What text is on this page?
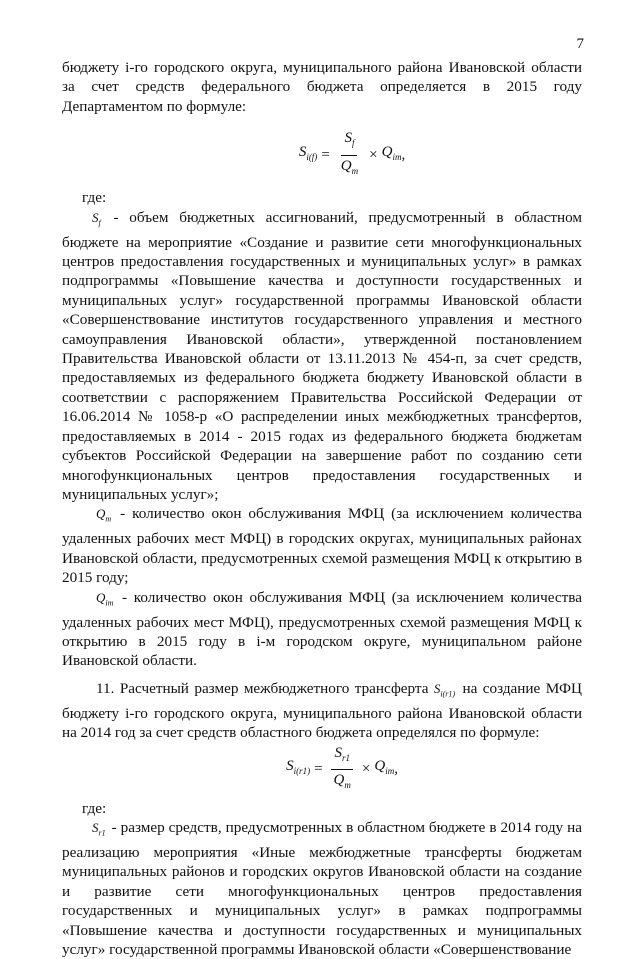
7

бюджету i-го городского округа, муниципального района Ивановской области за счет средств федерального бюджета определяется в 2015 году Департаментом по формуле:

$S_{i(f)} = \frac{S_f}{Q_m} \times Q_{im}$ ,

где:

$S_f$ - объем бюджетных ассигнований, предусмотренный в областном бюджете на мероприятие «Создание и развитие сети многофункциональных центров предоставления государственных и муниципальных услуг» в рамках подпрограммы «Повышение качества и доступности государственных и муниципальных услуг» государственной программы Ивановской области «Совершенствование институтов государственного управления и местного самоуправления Ивановской области», утвержденной постановлением Правительства Ивановской области от 13.11.2013 № 454-п, за счет средств, предоставляемых из федерального бюджета бюджету Ивановской области в соответствии с распоряжением Правительства Российской Федерации от 16.06.2014 № 1058-р «О распределении иных межбюджетных трансфертов, предоставляемых в 2014 - 2015 годах из федерального бюджета бюджетам субъектов Российской Федерации на завершение работ по созданию сети многофункциональных центров предоставления государственных и муниципальных услуг»;

$Q_m$ - количество окон обслуживания МФЦ (за исключением количества удаленных рабочих мест МФЦ) в городских округах, муниципальных районах Ивановской области, предусмотренных схемой размещения МФЦ к открытию в 2015 году;

$Q_{im}$ - количество окон обслуживания МФЦ (за исключением количества удаленных рабочих мест МФЦ), предусмотренных схемой размещения МФЦ к открытию в 2015 году в i-м городском округе, муниципальном районе Ивановской области.

11. Расчетный размер межбюджетного трансферта $S_{i(r1)}$ на создание МФЦ бюджету i-го городского округа, муниципального района Ивановской области на 2014 год за счет средств областного бюджета определялся по формуле:

$S_{i(r1)} = \frac{S_{r1}}{Q_m} \times Q_{im}$ ,

где:

$S_{r1}$ - размер средств, предусмотренных в областном бюджете в 2014 году на реализацию мероприятия «Иные межбюджетные трансферты бюджетам муниципальных районов и городских округов Ивановской области на создание и развитие сети многофункциональных центров предоставления государственных и муниципальных услуг» в рамках подпрограммы «Повышение качества и доступности государственных и муниципальных услуг» государственной программы Ивановской области «Совершенствование
